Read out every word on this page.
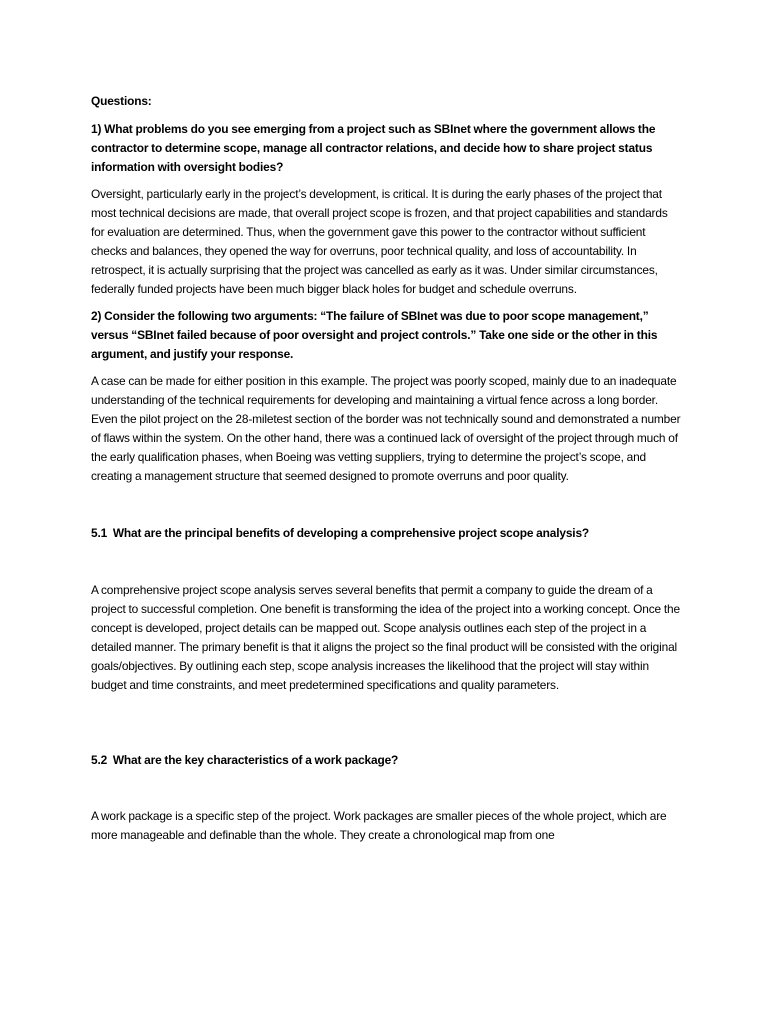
Questions:

1) What problems do you see emerging from a project such as SBInet where the government allows the contractor to determine scope, manage all contractor relations, and decide how to share project status information with oversight bodies?

Oversight, particularly early in the project’s development, is critical. It is during the early phases of the project that most technical decisions are made, that overall project scope is frozen, and that project capabilities and standards for evaluation are determined. Thus, when the government gave this power to the contractor without sufficient checks and balances, they opened the way for overruns, poor technical quality, and loss of accountability. In retrospect, it is actually surprising that the project was cancelled as early as it was. Under similar circumstances, federally funded projects have been much bigger black holes for budget and schedule overruns.

2) Consider the following two arguments: “The failure of SBInet was due to poor scope management,” versus “SBInet failed because of poor oversight and project controls.” Take one side or the other in this argument, and justify your response.

A case can be made for either position in this example. The project was poorly scoped, mainly due to an inadequate understanding of the technical requirements for developing and maintaining a virtual fence across a long border. Even the pilot project on the 28-miletest section of the border was not technically sound and demonstrated a number of flaws within the system. On the other hand, there was a continued lack of oversight of the project through much of the early qualification phases, when Boeing was vetting suppliers, trying to determine the project’s scope, and creating a management structure that seemed designed to promote overruns and poor quality.

5.1 What are the principal benefits of developing a comprehensive project scope analysis?

A comprehensive project scope analysis serves several benefits that permit a company to guide the dream of a project to successful completion. One benefit is transforming the idea of the project into a working concept. Once the concept is developed, project details can be mapped out. Scope analysis outlines each step of the project in a detailed manner. The primary benefit is that it aligns the project so the final product will be consisted with the original goals/objectives. By outlining each step, scope analysis increases the likelihood that the project will stay within budget and time constraints, and meet predetermined specifications and quality parameters.

5.2 What are the key characteristics of a work package?

A work package is a specific step of the project. Work packages are smaller pieces of the whole project, which are more manageable and definable than the whole. They create a chronological map from one
